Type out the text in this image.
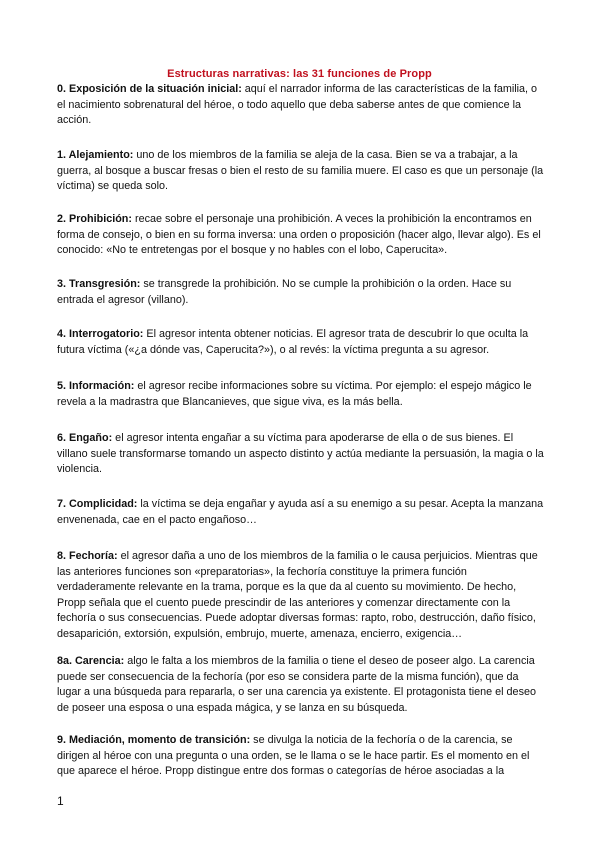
Estructuras narrativas: las 31 funciones de Propp

0. Exposición de la situación inicial: aquí el narrador informa de las características de la familia, o el nacimiento sobrenatural del héroe, o todo aquello que deba saberse antes de que comience la acción.

1. Alejamiento: uno de los miembros de la familia se aleja de la casa. Bien se va a trabajar, a la guerra, al bosque a buscar fresas o bien el resto de su familia muere. El caso es que un personaje (la víctima) se queda solo.

2. Prohibición: recae sobre el personaje una prohibición. A veces la prohibición la encontramos en forma de consejo, o bien en su forma inversa: una orden o proposición (hacer algo, llevar algo). Es el conocido: «No te entretengas por el bosque y no hables con el lobo, Caperucita».

3. Transgresión: se transgrede la prohibición. No se cumple la prohibición o la orden. Hace su entrada el agresor (villano).

4. Interrogatorio: El agresor intenta obtener noticias. El agresor trata de descubrir lo que oculta la futura víctima («¿a dónde vas, Caperucita?»), o al revés: la víctima pregunta a su agresor.

5. Información: el agresor recibe informaciones sobre su víctima. Por ejemplo: el espejo mágico le revela a la madrastra que Blancanieves, que sigue viva, es la más bella.

6. Engaño: el agresor intenta engañar a su víctima para apoderarse de ella o de sus bienes. El villano suele transformarse tomando un aspecto distinto y actúa mediante la persuasión, la magia o la violencia.

7. Complicidad: la víctima se deja engañar y ayuda así a su enemigo a su pesar. Acepta la manzana envenenada, cae en el pacto engañoso…

8. Fechoría: el agresor daña a uno de los miembros de la familia o le causa perjuicios. Mientras que las anteriores funciones son «preparatorias», la fechoría constituye la primera función verdaderamente relevante en la trama, porque es la que da al cuento su movimiento. De hecho, Propp señala que el cuento puede prescindir de las anteriores y comenzar directamente con la fechoría o sus consecuencias. Puede adoptar diversas formas: rapto, robo, destrucción, daño físico, desaparición, extorsión, expulsión, embrujo, muerte, amenaza, encierro, exigencia…

8a. Carencia: algo le falta a los miembros de la familia o tiene el deseo de poseer algo. La carencia puede ser consecuencia de la fechoría (por eso se considera parte de la misma función), que da lugar a una búsqueda para repararla, o ser una carencia ya existente. El protagonista tiene el deseo de poseer una esposa o una espada mágica, y se lanza en su búsqueda.

9. Mediación, momento de transición: se divulga la noticia de la fechoría o de la carencia, se dirigen al héroe con una pregunta o una orden, se le llama o se le hace partir. Es el momento en el que aparece el héroe. Propp distingue entre dos formas o categorías de héroe asociadas a la

1
